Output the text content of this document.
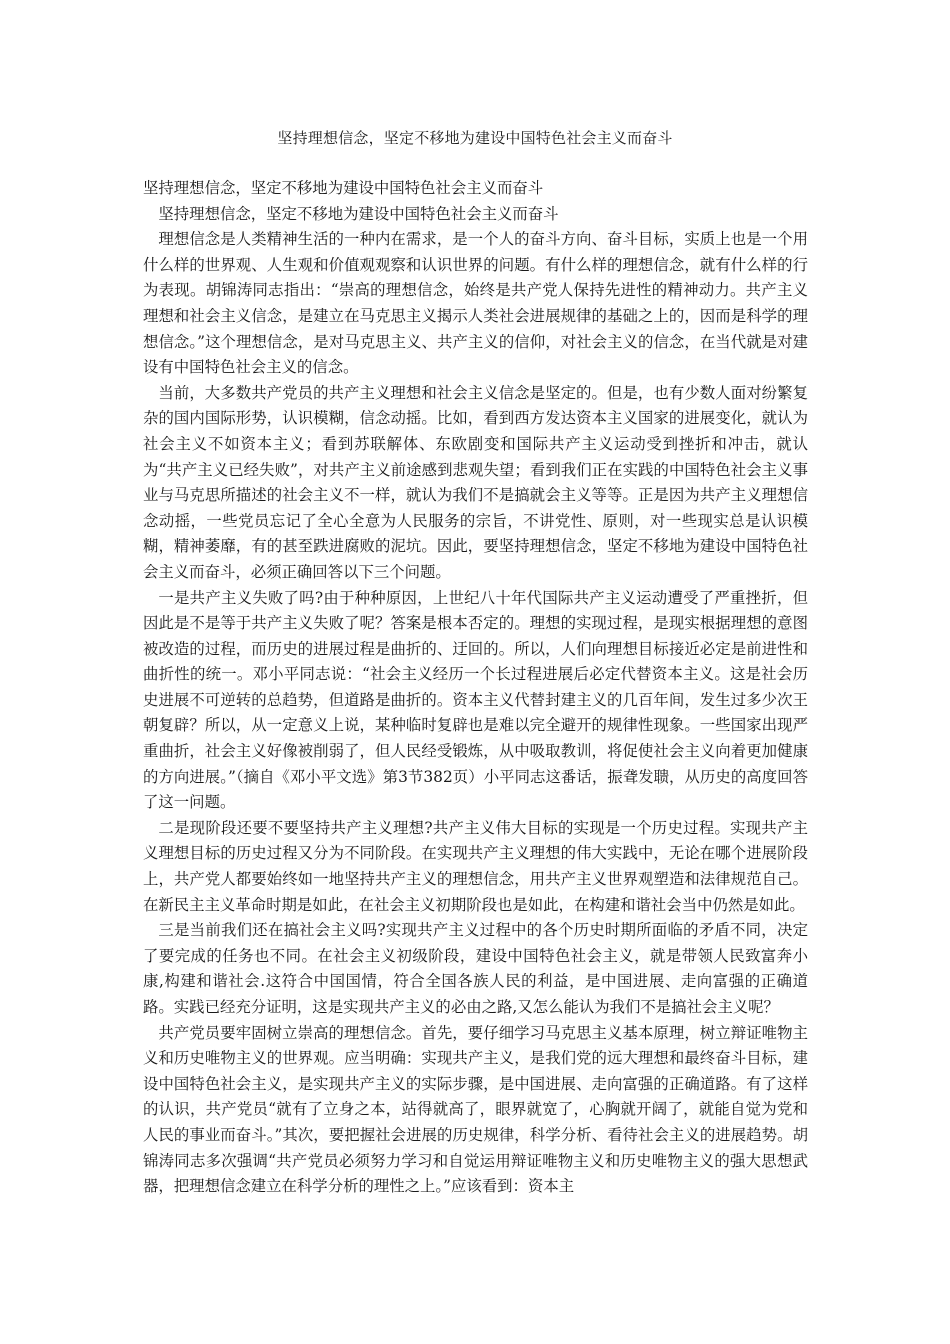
坚持理想信念，坚定不移地为建设中国特色社会主义而奋斗

坚持理想信念，坚定不移地为建设中国特色社会主义而奋斗

坚持理想信念，坚定不移地为建设中国特色社会主义而奋斗

理想信念是人类精神生活的一种内在需求，是一个人的奋斗方向、奋斗目标，实质上也是一个用什么样的世界观、人生观和价值观观察和认识世界的问题。有什么样的理想信念，就有什么样的行为表现。胡锦涛同志指出：“崇高的理想信念，始终是共产党人保持先进性的精神动力。共产主义理想和社会主义信念，是建立在马克思主义揭示人类社会进展规律的基础之上的，因而是科学的理想信念。”这个理想信念，是对马克思主义、共产主义的信仰，对社会主义的信念，在当代就是对建设有中国特色社会主义的信念。

当前，大多数共产党员的共产主义理想和社会主义信念是坚定的。但是，也有少数人面对纷繁复杂的国内国际形势，认识模糊，信念动摇。比如，看到西方发达资本主义国家的进展变化，就认为社会主义不如资本主义；看到苏联解体、东欧剧变和国际共产主义运动受到挫折和冲击，就认为“共产主义已经失败”，对共产主义前途感到悲观失望；看到我们正在实践的中国特色社会主义事业与马克思所描述的社会主义不一样，就认为我们不是搞就会主义等等。正是因为共产主义理想信念动摇，一些党员忘记了全心全意为人民服务的宗旨，不讲党性、原则，对一些现实总是认识模糊，精神萎靡，有的甚至跌进腐败的泥坑。因此，要坚持理想信念，坚定不移地为建设中国特色社会主义而奋斗，必须正确回答以下三个问题。

一是共产主义失败了吗?由于种种原因，上世纪八十年代国际共产主义运动遭受了严重挫折，但因此是不是等于共产主义失败了呢？答案是根本否定的。理想的实现过程，是现实根据理想的意图被改造的过程，而历史的进展过程是曲折的、迂回的。所以，人们向理想目标接近必定是前进性和曲折性的统一。邓小平同志说：“社会主义经历一个长过程进展后必定代替资本主义。这是社会历史进展不可逆转的总趋势，但道路是曲折的。资本主义代替封建主义的几百年间，发生过多少次王朝复辟？所以，从一定意义上说，某种临时复辟也是难以完全避开的规律性现象。一些国家出现严重曲折，社会主义好像被削弱了，但人民经受锻炼，从中吸取教训，将促使社会主义向着更加健康的方向进展。”（摘自《邓小平文选》第3节382页）小平同志这番话，振聋发聩，从历史的高度回答了这一问题。

二是现阶段还要不要坚持共产主义理想?共产主义伟大目标的实现是一个历史过程。实现共产主义理想目标的历史过程又分为不同阶段。在实现共产主义理想的伟大实践中，无论在哪个进展阶段上，共产党人都要始终如一地坚持共产主义的理想信念，用共产主义世界观塑造和法律规范自己。在新民主主义革命时期是如此，在社会主义初期阶段也是如此，在构建和谐社会当中仍然是如此。

三是当前我们还在搞社会主义吗?实现共产主义过程中的各个历史时期所面临的矛盾不同，决定了要完成的任务也不同。在社会主义初级阶段，建设中国特色社会主义，就是带领人民致富奔小康,构建和谐社会.这符合中国国情，符合全国各族人民的利益，是中国进展、走向富强的正确道路。实践已经充分证明，这是实现共产主义的必由之路,又怎么能认为我们不是搞社会主义呢？

共产党员要牢固树立崇高的理想信念。首先，要仔细学习马克思主义基本原理，树立辩证唯物主义和历史唯物主义的世界观。应当明确：实现共产主义，是我们党的远大理想和最终奋斗目标，建设中国特色社会主义，是实现共产主义的实际步骤，是中国进展、走向富强的正确道路。有了这样的认识，共产党员“就有了立身之本，站得就高了，眼界就宽了，心胸就开阔了，就能自觉为党和人民的事业而奋斗。”其次，要把握社会进展的历史规律，科学分析、看待社会主义的进展趋势。胡锦涛同志多次强调“共产党员必须努力学习和自觉运用辩证唯物主义和历史唯物主义的强大思想武器，把理想信念建立在科学分析的理性之上。”应该看到：资本主
